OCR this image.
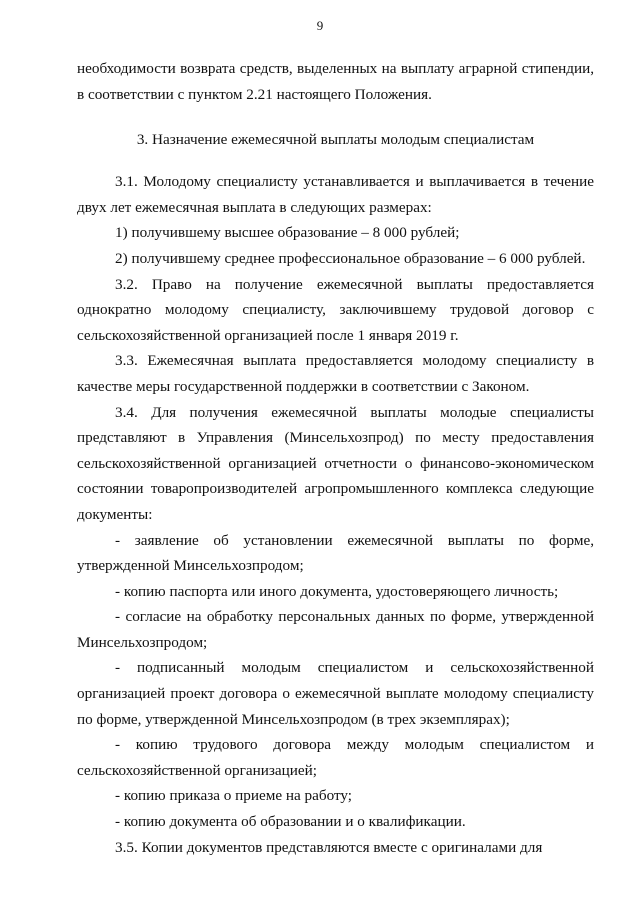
9

необходимости возврата средств, выделенных на выплату аграрной стипендии, в соответствии с пунктом 2.21 настоящего Положения.

3. Назначение ежемесячной выплаты молодым специалистам

3.1. Молодому специалисту устанавливается и выплачивается в течение двух лет ежемесячная выплата в следующих размерах:

1) получившему высшее образование – 8 000 рублей;

2) получившему среднее профессиональное образование – 6 000 рублей.

3.2. Право на получение ежемесячной выплаты предоставляется однократно молодому специалисту, заключившему трудовой договор с сельскохозяйственной организацией после 1 января 2019 г.

3.3. Ежемесячная выплата предоставляется молодому специалисту в качестве меры государственной поддержки в соответствии с Законом.

3.4. Для получения ежемесячной выплаты молодые специалисты представляют в Управления (Минсельхозпрод) по месту предоставления сельскохозяйственной организацией отчетности о финансово-экономическом состоянии товаропроизводителей агропромышленного комплекса следующие документы:

- заявление об установлении ежемесячной выплаты по форме, утвержденной Минсельхозпродом;

- копию паспорта или иного документа, удостоверяющего личность;

- согласие на обработку персональных данных по форме, утвержденной Минсельхозпродом;

- подписанный молодым специалистом и сельскохозяйственной организацией проект договора о ежемесячной выплате молодому специалисту по форме, утвержденной Минсельхозпродом (в трех экземплярах);

- копию трудового договора между молодым специалистом и сельскохозяйственной организацией;

- копию приказа о приеме на работу;

- копию документа об образовании и о квалификации.

3.5. Копии документов представляются вместе с оригиналами для
